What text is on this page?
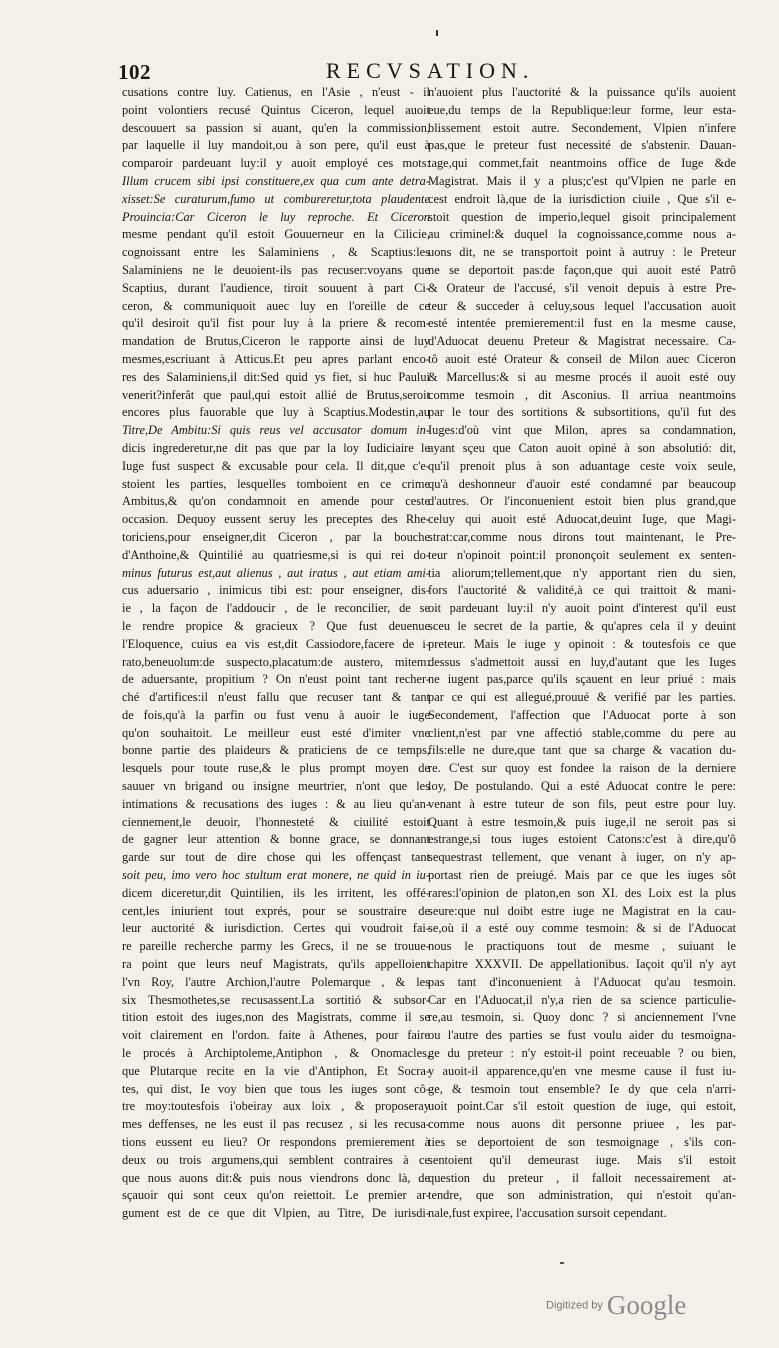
102	RECVSATION.
cusations contre luy. Catienus, en l'Asie , n'eust - il
point volontiers recusé Quintus Ciceron, lequel auoit
descouuert sa passion si auant, qu'en la commission,
par laquelle il luy mandoit,ou à son pere, qu'il eust à
comparoir pardeuant luy:il y auoit employé ces mots:
Illum crucem sibi ipsi constituere,ex qua cum ante detra-
xisset:Se curaturum,fumo ut combureretur,tota plaudente
Prouincia:Car Ciceron le luy reproche. Et Ciceron
mesme pendant qu'il estoit Gouuerneur en la Cilicie,
cognoissant entre les Salaminiens , & Scaptius:les
Salaminiens ne le deuoient-ils pas recuser:voyans que
Scaptius, durant l'audience, tiroit souuent à part Ci-
ceron, & communiquoit auec luy en l'oreille de ce
qu'il desiroit qu'il fist pour luy à la priere & recom-
mandation de Brutus,Ciceron le rapporte ainsi de luy
mesmes,escriuant à Atticus.Et peu apres parlant enco-
res des Salaminiens,il dit:Sed quid ys fiet, si huc Paului
venerit?inferât que paul,qui estoit allié de Brutus,seroit
encores plus fauorable que luy à Scaptius.Modestin,au
Titre,De Ambitu:Si quis reus vel accusator domum in-
dicis ingrederetur,ne dit pas que par la loy Iudiciaire le
Iuge fust suspect & excusable pour cela. Il dit,que c'e-
stoient les parties, lesquelles tomboient en ce crime
Ambitus,& qu'on condamnoit en amende pour ceste
occasion. Dequoy eussent seruy les preceptes des Rhe-
toriciens,pour enseigner,dit Ciceron , par la bouche
d'Anthoine,& Quintilié au quatriesme,si is qui rei do-
minus futurus est,aut alienus , aut iratus , aut etiam ami-
cus aduersario , inimicus tibi est: pour enseigner, dis-
ie , la façon de l'addoucir , de le reconcilier, de se
le rendre propice & gracieux ? Que fust deuenue
l'Eloquence, cuius ea vis est,dit Cassiodore,facere de i-
rato,beneuolum:de suspecto,placatum:de austero, mitem:
de aduersante, propitium ? On n'eust point tant recher-
ché d'artifices:il n'eust fallu que recuser tant & tant
de fois,qu'à la parfin ou fust venu à auoir le iuge
qu'on souhaitoit. Le meilleur eust esté d'imiter vne
bonne partie des plaideurs & praticiens de ce temps,
lesquels pour toute ruse,& le plus prompt moyen de
sauuer vn brigand ou insigne meurtrier, n'ont que les
intimations & recusations des iuges : & au lieu qu'an-
ciennement,le deuoir, l'honnesteté & ciuilité estoit
de gagner leur attention & bonne grace, se donnant
garde sur tout de dire chose qui les offençast tant
soit peu, imo vero hoc stultum erat monere, ne quid in iu-
dicem diceretur,dit Quintilien, ils les irritent, les offé-
cent,les iniurient tout exprés, pour se soustraire de
leur auctorité & iurisdiction. Certes qui voudroit fai-
re pareille recherche parmy les Grecs, il ne se trouue-
ra point que leurs neuf Magistrats, qu'ils appelloient
l'vn Roy, l'autre Archion,l'autre Polemarque , & les
six Thesmothetes,se recusassent.La sortitió & subsor-
tition estoit des iuges,non des Magistrats, comme il se
voit clairement en l'ordon. faite à Athenes, pour faire
le procés à Archiptoleme,Antiphon , & Onomacles,
que Plutarque recite en la vie d'Antiphon, Et Socra-
tes, qui dist, Ie voy bien que tous les iuges sont cô-
tre moy:toutesfois i'obeiray aux loix , & proposeray
mes deffenses, ne les eust il pas recusez , si les recusa-
tions eussent eu lieu? Or respondons premierement à
deux ou trois argumens,qui semblent contraires à ce
que nous auons dit:& puis nous viendrons donc là, de
sçauoir qui sont ceux qu'on reiettoit. Le premier ar-
gument est de ce que dit Vlpien, au Titre, De iurisdi-
n'auoient plus l'auctorité & la puissance qu'ils auoient
eue,du temps de la Republique:leur forme, leur esta-
blissement estoit autre. Secondement, Vlpien n'infere
pas,que le preteur fust necessité de s'abstenir. Dauan-
tage,qui commet,fait neantmoins office de Iuge &de
Magistrat. Mais il y a plus;c'est qu'Vlpien ne parle en
cest endroit là,que de la iurisdiction ciuile , Que s'il e-
stoit question de imperio,lequel gisoit principalement
au criminel:& duquel la cognoissance,comme nous a-
uons dit, ne se transportoit point à autruy : le Preteur
ne se deportoit pas:de façon,que qui auoit esté Patrô
& Orateur de l'accusé, s'il venoit depuis à estre Pre-
teur & succeder à celuy,sous lequel l'accusation auoit
esté intentée premierement:il fust en la mesme cause,
d'Aduocat deuenu Preteur & Magistrat necessaire. Ca-
tô auoit esté Orateur & conseil de Milon auec Ciceron
& Marcellus:& si au mesme procés il auoit esté ouy
comme tesmoin , dit Asconius. Il arriua neantmoins
par le tour des sortitions & subsortitions, qu'il fut des
Iuges:d'où vint que Milon, apres sa condamnation,
ayant sçeu que Caton auoit opiné à son absolutió: dit,
qu'il prenoit plus à son aduantage ceste voix seule,
qu'à deshonneur d'auoir esté condamné par beaucoup
d'autres. Or l'inconuenient estoit bien plus grand,que
celuy qui auoit esté Aduocat,deuint Iuge, que Magi-
strat:car,comme nous dirons tout maintenant, le Pre-
teur n'opinoit point:il prononçoit seulement ex senten-
tia aliorum;tellement,que n'y apportant rien du sien,
fors l'auctorité & validité,à ce qui traittoit & mani-
oit pardeuant luy:il n'y auoit point d'interest qu'il eust
sceu le secret de la partie, & qu'apres cela il y deuint
preteur. Mais le iuge y opinoit : & toutesfois ce que
dessus s'admettoit aussi en luy,d'autant que les Iuges
ne iugent pas,parce qu'ils sçauent en leur priué : mais
par ce qui est allegué,prouué & verifié par les parties.
Secondement, l'affection que l'Aduocat porte à son
client,n'est par vne affectió stable,comme du pere au
fils:elle ne dure,que tant que sa charge & vacation du-
re. C'est sur quoy est fondee la raison de la derniere
loy, De postulando. Qui a esté Aduocat contre le pere:
venant à estre tuteur de son fils, peut estre pour luy.
Quant à estre tesmoin,& puis iuge,il ne seroit pas si
estrange,si tous iuges estoient Catons:c'est à dire,qu'ô
sequestrast tellement, que venant à iuger, on n'y ap-
portast rien de preiugé. Mais par ce que les iuges sôt
rares:l'opinion de platon,en son XI. des Loix est la plus
seure:que nul doibt estre iuge ne Magistrat en la cau-
se,où il a esté ouy comme tesmoin: & si de l'Aduocat
nous le practiquons tout de mesme , suiuant le
chapitre XXXVII. De appellationibus. Iaçoit qu'il n'y ayt
pas tant d'inconuenient à l'Aduocat qu'au tesmoin.
Car en l'Aduocat,il n'y,a rien de sa science particulie-
re,au tesmoin, si. Quoy donc ? si anciennement l'vne
ou l'autre des parties se fust voulu aider du tesmoigna-
ge du preteur : n'y estoit-il point receuable ? ou bien,
y auoit-il apparence,qu'en vne mesme cause il fust iu-
ge, & tesmoin tout ensemble? Ie dy que cela n'arri-
uoit point.Car s'il estoit question de iuge, qui estoit,
comme nous auons dit personne priuee , les par-
ties se deportoient de son tesmoignage , s'ils con-
sentoient qu'il demeurast iuge. Mais s'il estoit
question du preteur , il falloit necessairement at-
tendre, que son administration, qui n'estoit qu'an-
nale,fust expiree, l'accusation sursoit cependant.
Digitized by Google
